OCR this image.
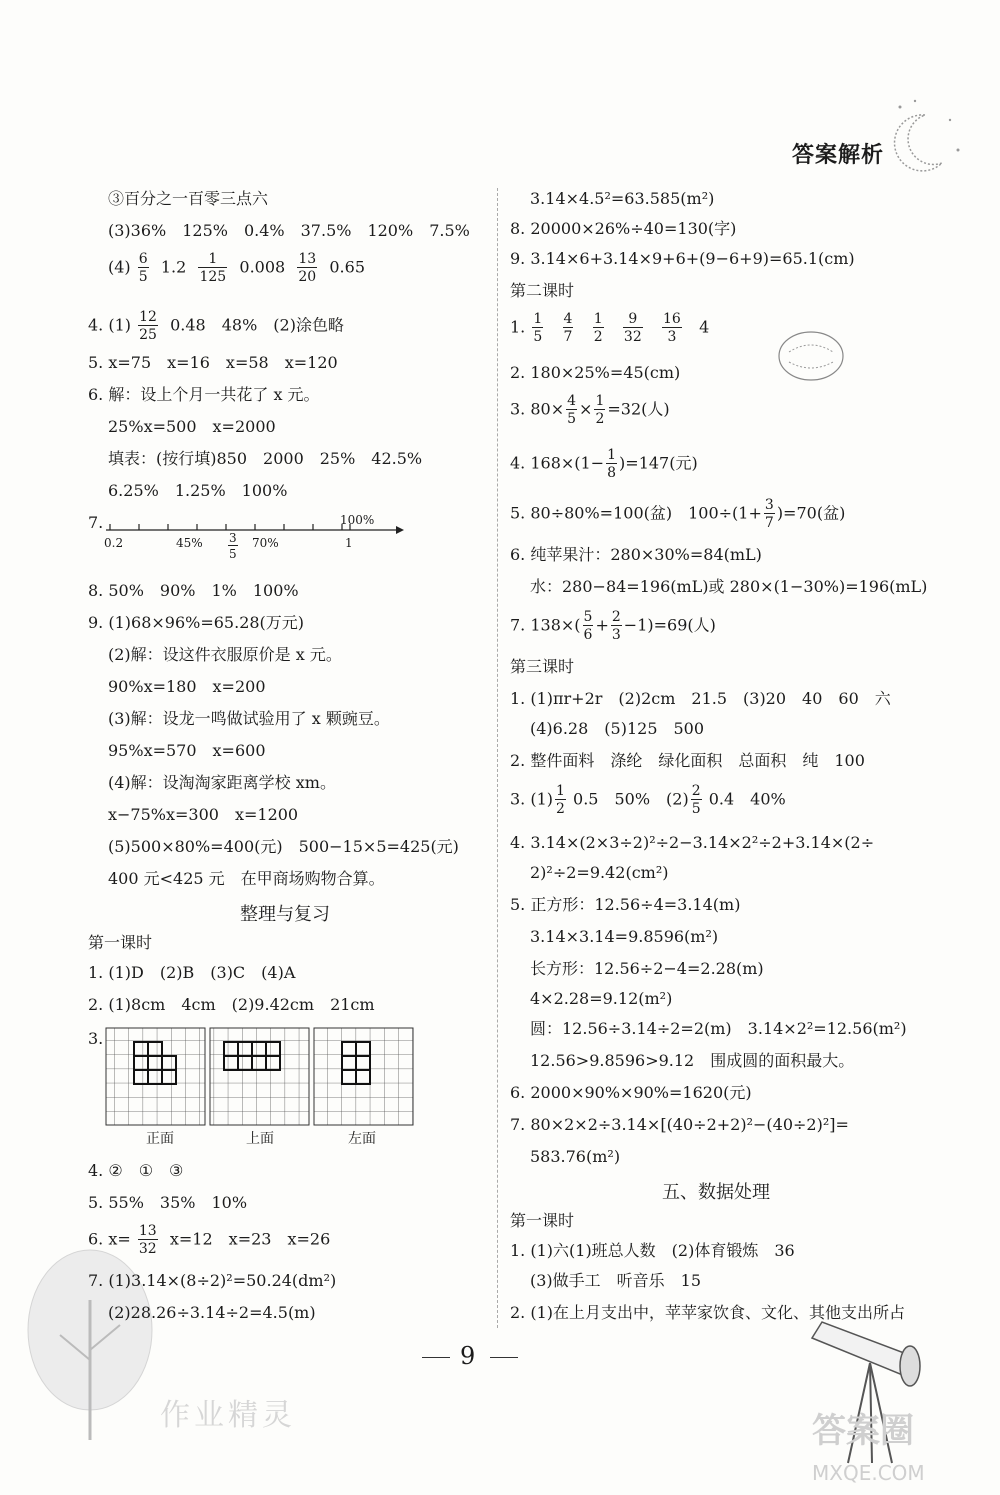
答案解析
③百分之一百零三点六
(3)36%　125%　0.4%　37.5%　120%　7.5%
$(4) \frac{6}{5} 1.2 \frac{1}{125} 0.008 \frac{13}{20} 0.65$
4. $(1) \frac{12}{25} 0.48$　48%　(2)涂色略
5. x=75　x=16　x=58　x=120
6. 解：设上个月一共花了 x 元。
25%x=500　x=2000
填表：(按行填)850　2000　25%　42.5%
6.25%　1.25%　100%
7.	100%
0.2	$45\% \frac{3}{5} 70\%$	1
8. 50%　90%　1%　100%
9. (1)68×96%=65.28(万元)
(2)解：设这件衣服原价是 x 元。
90%x=180　x=200
(3)解：设龙一鸣做试验用了 x 颗豌豆。
95%x=570　x=600
(4)解：设淘淘家距离学校 xm。
x−75%x=300　x=1200
(5)500×80%=400(元)　500−15×5=425(元)
400 元<425 元　在甲商场购物合算。
整理与复习
第一课时
1. (1)D　(2)B　(3)C　(4)A
2. (1)8cm　4cm　(2)9.42cm　21cm
3.
正面	上面	左面
4. ②　①　③
5. 55%　35%　10%
6. $x= \frac{13}{32} x=12$　x=23　x=26
7. (1)3.14×(8÷2)²=50.24(dm²)
(2)28.26÷3.14÷2=4.5(m)
3.14×4.5²=63.585(m²)
8. 20000×26%÷40=130(字)
9. 3.14×6+3.14×9+6+(9−6+9)=65.1(cm)
第二课时
1. $\frac{1}{5}$
$\frac{4}{7}$
$\frac{1}{2}$
$\frac{9}{32}$
$\frac{16}{3} 4$
2. 180×25%=45(cm)
3. $80\times \frac{4}{5} \times \frac{1}{2} =32$(人)
4. $168\times(1- \frac{1}{8} )=147$(元)
5. 80÷80%=100(盆)　$100\div(1+ \frac{3}{7} )=70$(盆)
6. 纯苹果汁：280×30%=84(mL)
水：280−84=196(mL)或 280×(1−30%)=196(mL)
7. $138\times( \frac{5}{6} + \frac{2}{3} -1)=69$(人)
第三课时
1. (1)πr+2r　(2)2cm　21.5　(3)20　40　60　六
(4)6.28　(5)125　500
2. 整件面料　涤纶　绿化面积　总面积　纯　100
3. $(1) \frac{1}{2} 0.5$　50%　$(2) \frac{2}{5} 0.4$　40%
4. 3.14×(2×3÷2)²÷2−3.14×2²÷2+3.14×(2÷
2)²÷2=9.42(cm²)
5. 正方形：12.56÷4=3.14(m)
3.14×3.14=9.8596(m²)
长方形：12.56÷2−4=2.28(m)
4×2.28=9.12(m²)
圆：12.56÷3.14÷2=2(m)　3.14×2²=12.56(m²)
12.56>9.8596>9.12　围成圆的面积最大。
6. 2000×90%×90%=1620(元)
7. 80×2×2÷3.14×[(40÷2+2)²−(40÷2)²]=
583.76(m²)
五、数据处理
第一课时
1. (1)六(1)班总人数　(2)体育锻炼　36
(3)做手工　听音乐　15
2. (1)在上月支出中，苹苹家饮食、文化、其他支出所占
9
作业精灵	答案圈
MXQE.COM
